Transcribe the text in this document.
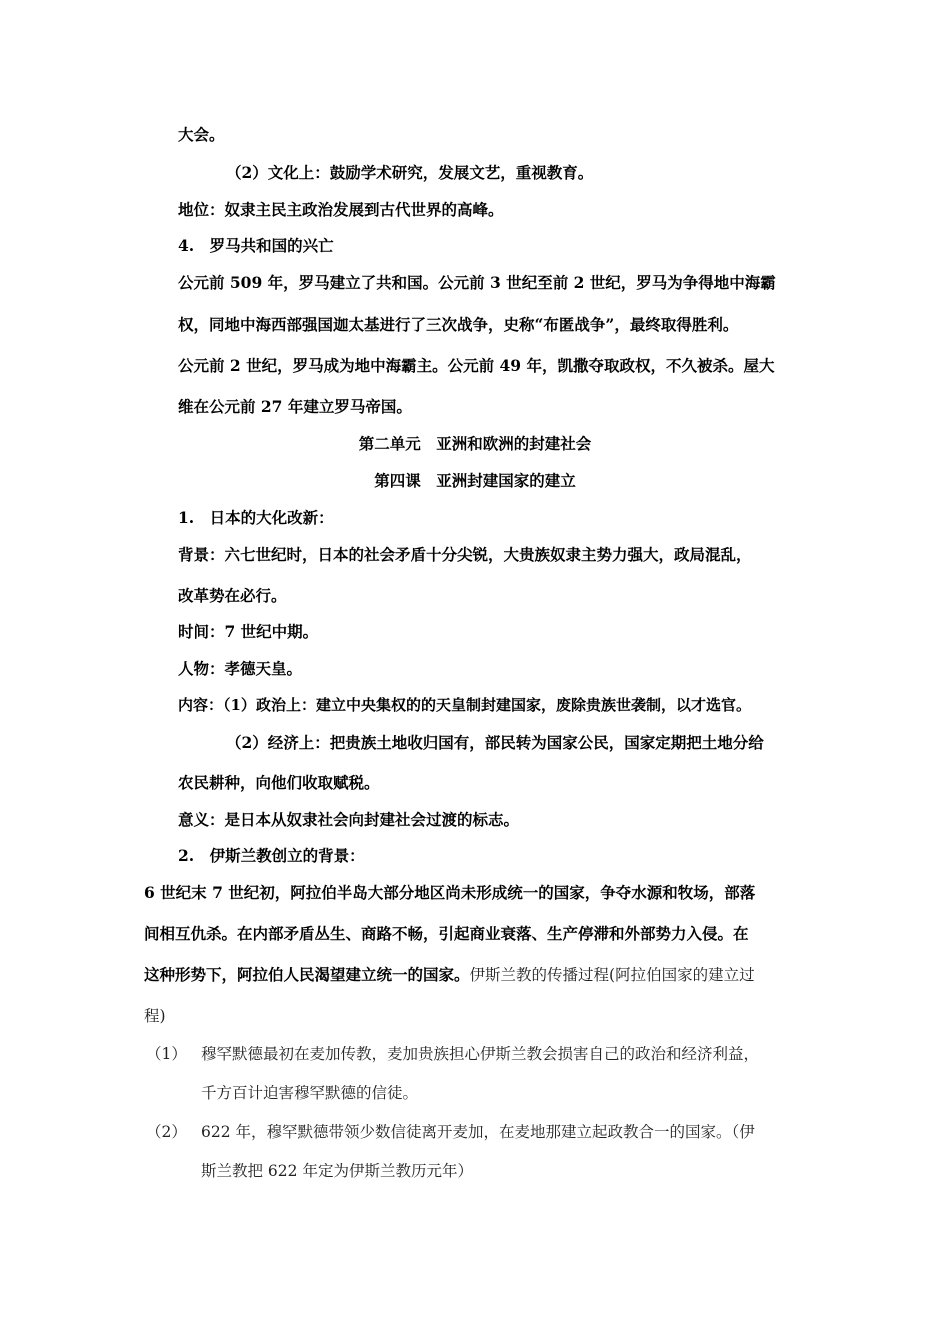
大会。
（2）文化上：鼓励学术研究，发展文艺，重视教育。
地位：奴隶主民主政治发展到古代世界的高峰。
4.　罗马共和国的兴亡
公元前 509 年，罗马建立了共和国。公元前 3 世纪至前 2 世纪，罗马为争得地中海霸
权，同地中海西部强国迦太基进行了三次战争，史称“布匿战争”，最终取得胜利。
公元前 2 世纪，罗马成为地中海霸主。公元前 49 年，凯撒夺取政权，不久被杀。屋大
维在公元前 27 年建立罗马帝国。
第二单元　亚洲和欧洲的封建社会
第四课　亚洲封建国家的建立
1.　日本的大化改新：
背景：六七世纪时，日本的社会矛盾十分尖锐，大贵族奴隶主势力强大，政局混乱，
改革势在必行。
时间：7 世纪中期。
人物：孝德天皇。
内容：（1）政治上：建立中央集权的的天皇制封建国家，废除贵族世袭制，以才选官。
（2）经济上：把贵族土地收归国有，部民转为国家公民，国家定期把土地分给
农民耕种，向他们收取赋税。
意义：是日本从奴隶社会向封建社会过渡的标志。
2.　伊斯兰教创立的背景：
6 世纪末 7 世纪初，阿拉伯半岛大部分地区尚未形成统一的国家，争夺水源和牧场，部落
间相互仇杀。在内部矛盾丛生、商路不畅，引起商业衰落、生产停滞和外部势力入侵。在
这种形势下，阿拉伯人民渴望建立统一的国家。伊斯兰教的传播过程(阿拉伯国家的建立过
程)
（1） 穆罕默德最初在麦加传教，麦加贵族担心伊斯兰教会损害自己的政治和经济利益，
千方百计迫害穆罕默德的信徒。
（2） 622 年，穆罕默德带领少数信徒离开麦加，在麦地那建立起政教合一的国家。（伊
斯兰教把 622 年定为伊斯兰教历元年）
